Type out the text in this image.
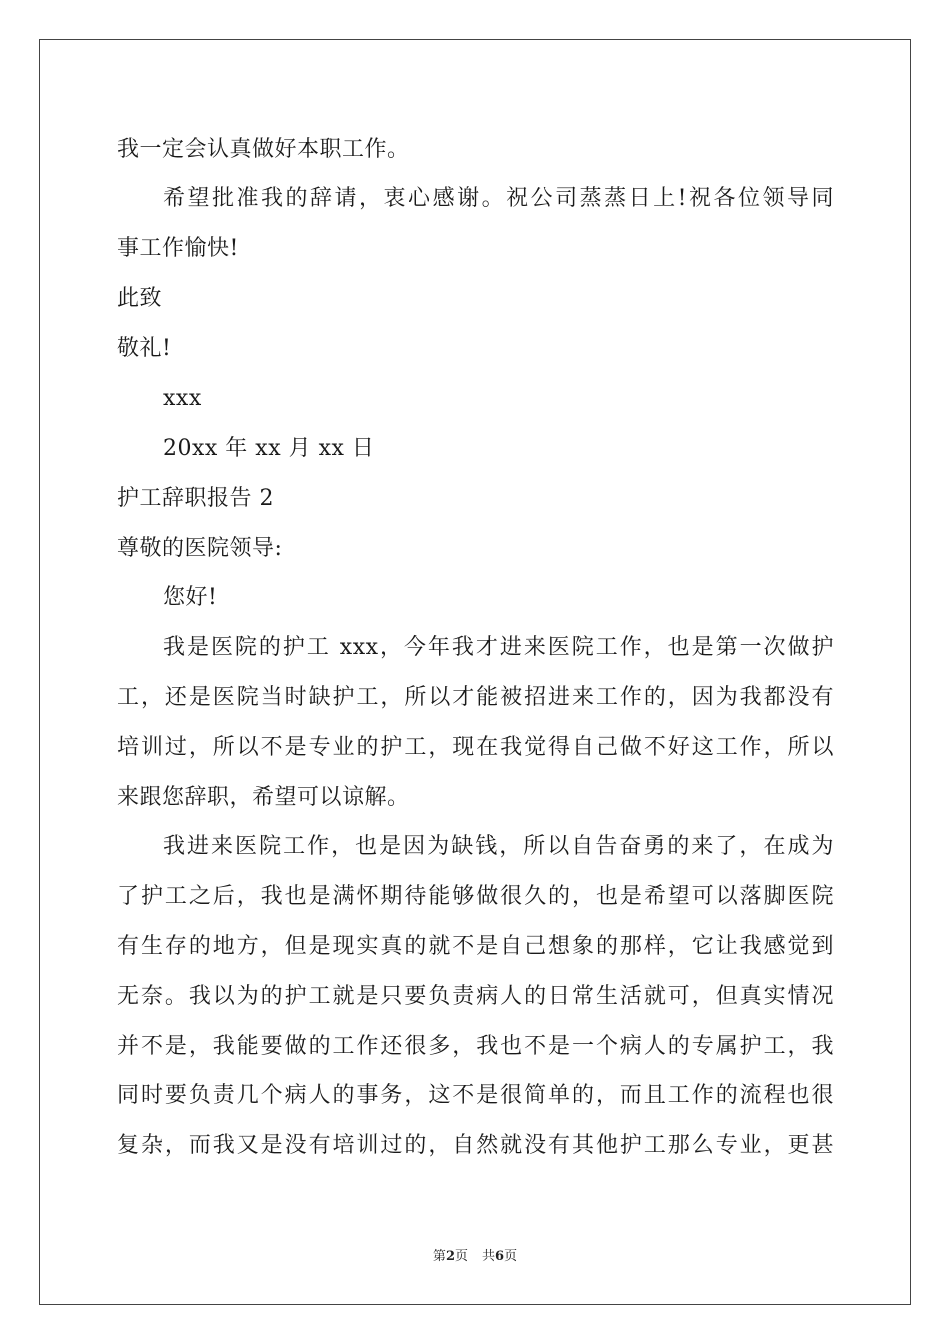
我一定会认真做好本职工作。
希望批准我的辞请，衷心感谢。祝公司蒸蒸日上!祝各位领导同
事工作愉快!
此致
敬礼!
xxx
20xx 年 xx 月 xx 日
护工辞职报告 2
尊敬的医院领导:
您好!
我是医院的护工 xxx，今年我才进来医院工作，也是第一次做护
工，还是医院当时缺护工，所以才能被招进来工作的，因为我都没有
培训过，所以不是专业的护工，现在我觉得自己做不好这工作，所以
来跟您辞职，希望可以谅解。
我进来医院工作，也是因为缺钱，所以自告奋勇的来了，在成为
了护工之后，我也是满怀期待能够做很久的，也是希望可以落脚医院
有生存的地方，但是现实真的就不是自己想象的那样，它让我感觉到
无奈。我以为的护工就是只要负责病人的日常生活就可，但真实情况
并不是，我能要做的工作还很多，我也不是一个病人的专属护工，我
同时要负责几个病人的事务，这不是很简单的，而且工作的流程也很
复杂，而我又是没有培训过的，自然就没有其他护工那么专业，更甚
第2页 共6页
